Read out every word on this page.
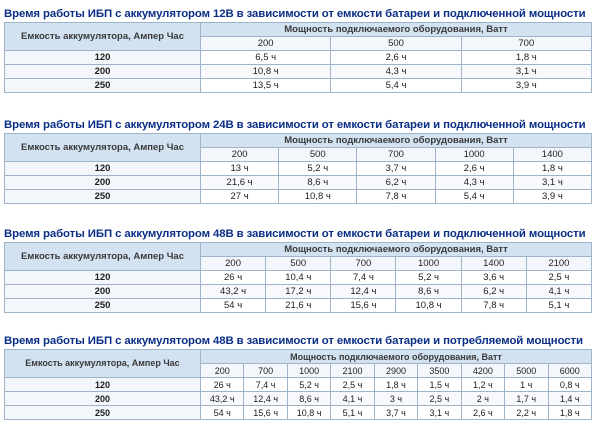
Время работы ИБП с аккумулятором 12В в зависимости от емкости батареи и подключенной мощности
Емкость аккумулятора, Ампер Час	Мощность подключаемого оборудования, Ватт		
	200	500	700
120	6,5 ч	2,6 ч	1,8 ч
200	10,8 ч	4,3 ч	3,1 ч
250	13,5 ч	5,4 ч	3,9 ч
Время работы ИБП с аккумулятором 24В в зависимости от емкости батареи и подключенной мощности
Емкость аккумулятора, Ампер Час	Мощность подключаемого оборудования, Ватт				
	200	500	700	1000	1400
120	13 ч	5,2 ч	3,7 ч	2,6 ч	1,8 ч
200	21,6 ч	8,6 ч	6,2 ч	4,3 ч	3,1 ч
250	27 ч	10,8 ч	7,8 ч	5,4 ч	3,9 ч
Время работы ИБП с аккумулятором 48В в зависимости от емкости батареи и подключенной мощности
Емкость аккумулятора, Ампер Час	Мощность подключаемого оборудования, Ватт					
	200	500	700	1000	1400	2100
120	26 ч	10,4 ч	7,4 ч	5,2 ч	3,6 ч	2,5 ч
200	43,2 ч	17,2 ч	12,4 ч	8,6 ч	6,2 ч	4,1 ч
250	54 ч	21,6 ч	15,6 ч	10,8 ч	7,8 ч	5,1 ч
Время работы ИБП с аккумулятором 48В в зависимости от емкости батареи и потребляемой мощности
Емкость аккумулятора, Ампер Час	Мощность подключаемого оборудования, Ватт								
	200	700	1000	2100	2900	3500	4200	5000	6000
120	26 ч	7,4 ч	5,2 ч	2,5 ч	1,8 ч	1,5 ч	1,2 ч	1 ч	0,8 ч
200	43,2 ч	12,4 ч	8,6 ч	4,1 ч	3 ч	2,5 ч	2 ч	1,7 ч	1,4 ч
250	54 ч	15,6 ч	10,8 ч	5,1 ч	3,7 ч	3,1 ч	2,6 ч	2,2 ч	1,8 ч
